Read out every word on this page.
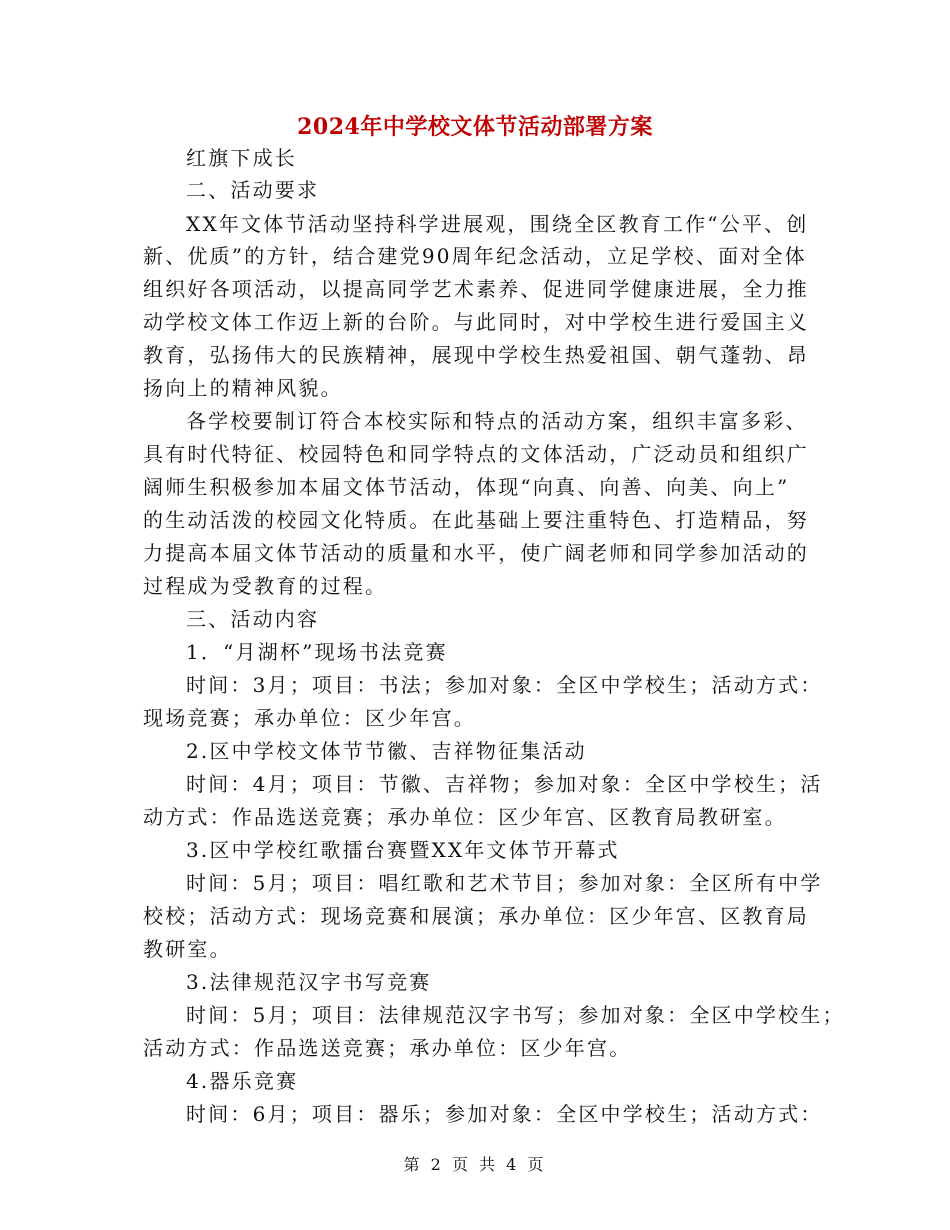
2024年中学校文体节活动部署方案
红旗下成长
二、活动要求
XX年文体节活动坚持科学进展观，围绕全区教育工作“公平、创
新、优质”的方针，结合建党90周年纪念活动，立足学校、面对全体
组织好各项活动，以提高同学艺术素养、促进同学健康进展，全力推
动学校文体工作迈上新的台阶。与此同时，对中学校生进行爱国主义
教育，弘扬伟大的民族精神，展现中学校生热爱祖国、朝气蓬勃、昂
扬向上的精神风貌。
各学校要制订符合本校实际和特点的活动方案，组织丰富多彩、
具有时代特征、校园特色和同学特点的文体活动，广泛动员和组织广
阔师生积极参加本届文体节活动，体现“向真、向善、向美、向上”
的生动活泼的校园文化特质。在此基础上要注重特色、打造精品，努
力提高本届文体节活动的质量和水平，使广阔老师和同学参加活动的
过程成为受教育的过程。
三、活动内容
1．“月湖杯”现场书法竞赛
时间：3月；项目：书法；参加对象：全区中学校生；活动方式：
现场竞赛；承办单位：区少年宫。
2.区中学校文体节节徽、吉祥物征集活动
时间：4月；项目：节徽、吉祥物；参加对象：全区中学校生；活
动方式：作品选送竞赛；承办单位：区少年宫、区教育局教研室。
3.区中学校红歌擂台赛暨XX年文体节开幕式
时间：5月；项目：唱红歌和艺术节目；参加对象：全区所有中学
校校；活动方式：现场竞赛和展演；承办单位：区少年宫、区教育局
教研室。
3.法律规范汉字书写竞赛
时间：5月；项目：法律规范汉字书写；参加对象：全区中学校生；
活动方式：作品选送竞赛；承办单位：区少年宫。
4.器乐竞赛
时间：6月；项目：器乐；参加对象：全区中学校生；活动方式：
第 2 页 共 4 页
